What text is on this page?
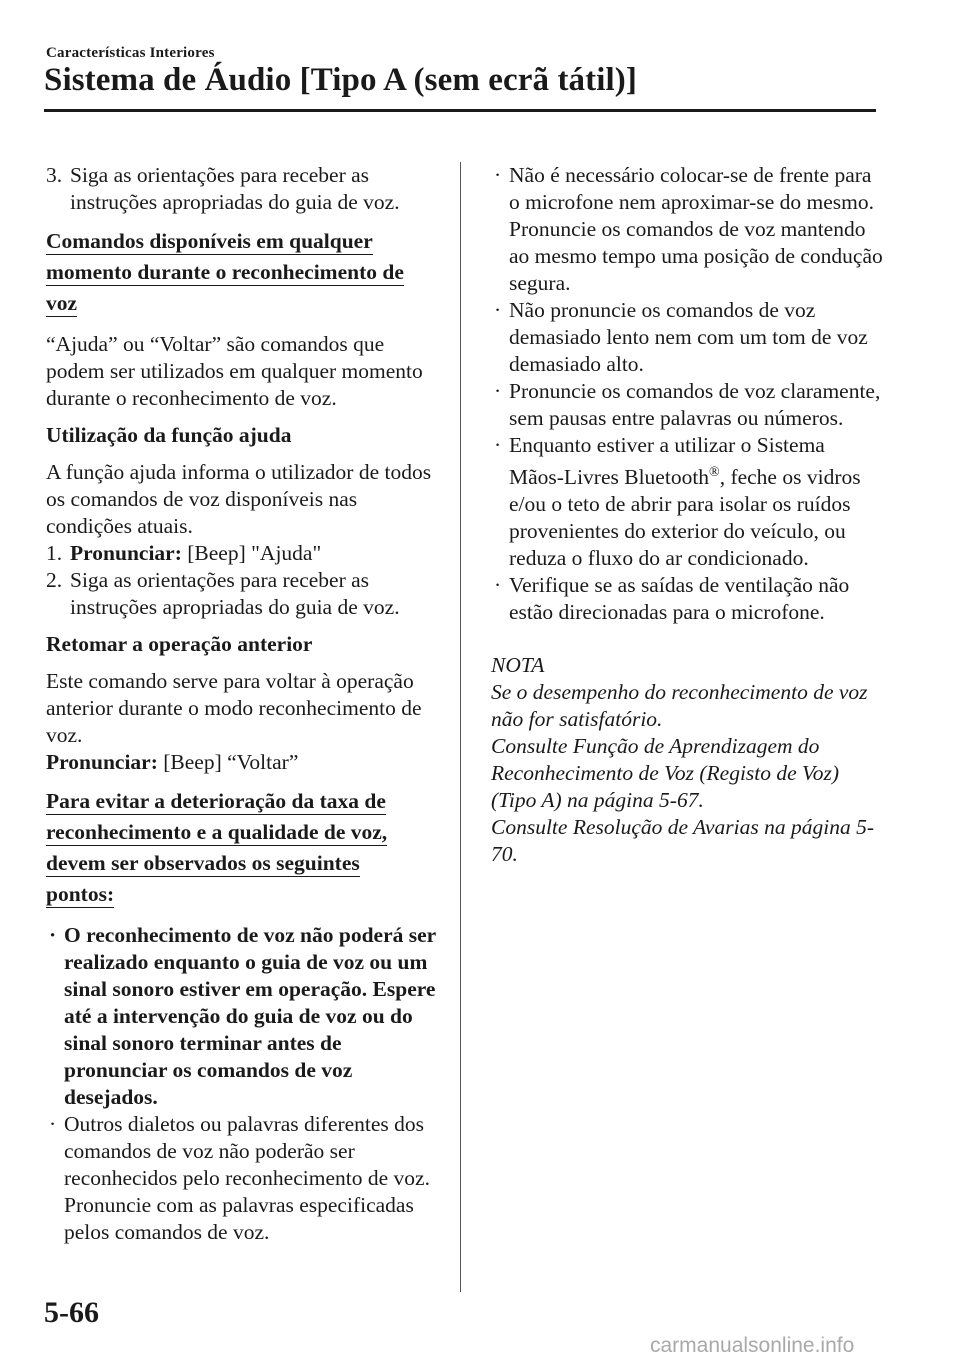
Características Interiores
Sistema de Áudio [Tipo A (sem ecrã tátil)]
3. Siga as orientações para receber as
instruções apropriadas do guia de voz.
Comandos disponíveis em qualquer
momento durante o reconhecimento de
voz
“Ajuda” ou “Voltar” são comandos que podem ser utilizados em qualquer momento durante o reconhecimento de voz.
Utilização da função ajuda
A função ajuda informa o utilizador de todos os comandos de voz disponíveis nas condições atuais.
1. Pronunciar: [Beep] "Ajuda"
2. Siga as orientações para receber as
instruções apropriadas do guia de voz.
Retomar a operação anterior
Este comando serve para voltar à operação anterior durante o modo reconhecimento de voz.
Pronunciar: [Beep] “Voltar”
Para evitar a deterioração da taxa de
reconhecimento e a qualidade de voz,
devem ser observados os seguintes
pontos:
· O reconhecimento de voz não poderá ser realizado enquanto o guia de voz ou um sinal sonoro estiver em operação. Espere até a intervenção do guia de voz ou do sinal sonoro terminar antes de pronunciar os comandos de voz desejados.
· Outros dialetos ou palavras diferentes dos comandos de voz não poderão ser reconhecidos pelo reconhecimento de voz. Pronuncie com as palavras especificadas pelos comandos de voz.
· Não é necessário colocar-se de frente para o microfone nem aproximar-se do mesmo. Pronuncie os comandos de voz mantendo ao mesmo tempo uma posição de condução segura.
· Não pronuncie os comandos de voz demasiado lento nem com um tom de voz demasiado alto.
· Pronuncie os comandos de voz claramente, sem pausas entre palavras ou números.
· Enquanto estiver a utilizar o Sistema Mãos-Livres Bluetooth®, feche os vidros e/ou o teto de abrir para isolar os ruídos provenientes do exterior do veículo, ou reduza o fluxo do ar condicionado.
· Verifique se as saídas de ventilação não estão direcionadas para o microfone.
NOTA
Se o desempenho do reconhecimento de voz não for satisfatório.
Consulte Função de Aprendizagem do Reconhecimento de Voz (Registo de Voz) (Tipo A) na página 5-67.
Consulte Resolução de Avarias na página 5-70.
5-66
carmanualsonline.info
